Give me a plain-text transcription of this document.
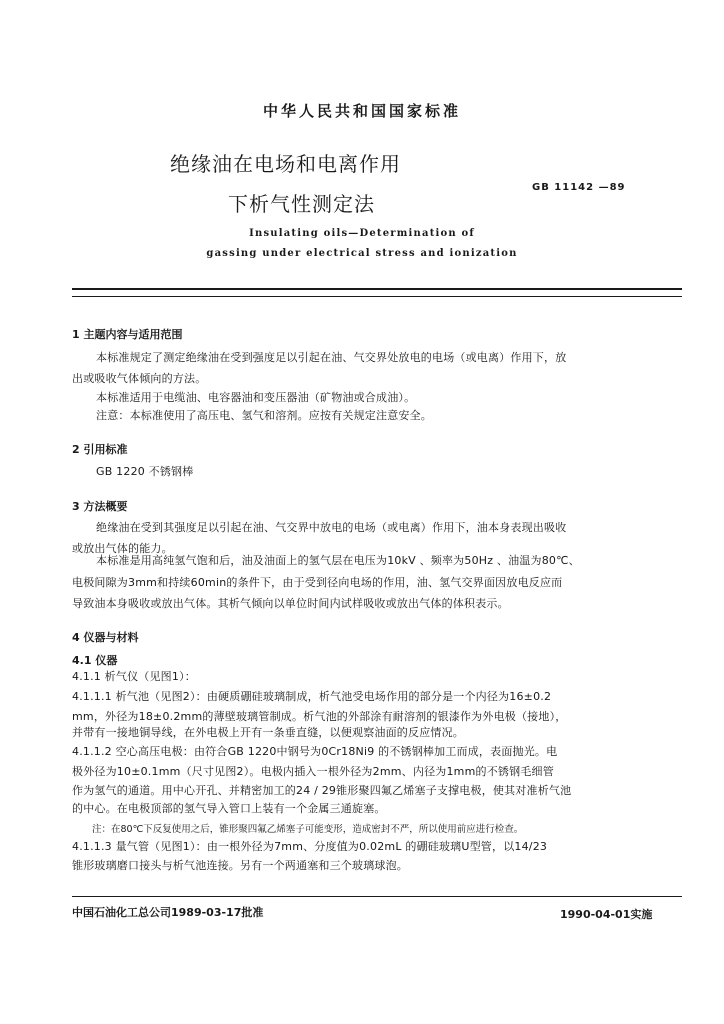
中华人民共和国国家标准
绝缘油在电场和电离作用
下析气性测定法
GB 11142 —89
Insulating oils—Determination of
gassing under electrical stress and ionization
1 主题内容与适用范围
本标准规定了测定绝缘油在受到强度足以引起在油、气交界处放电的电场（或电离）作用下，放
出或吸收气体倾向的方法。
本标准适用于电缆油、电容器油和变压器油（矿物油或合成油）。
注意：本标准使用了高压电、氢气和溶剂。应按有关规定注意安全。
2 引用标准
GB 1220 不锈钢棒
3 方法概要
绝缘油在受到其强度足以引起在油、气交界中放电的电场（或电离）作用下，油本身表现出吸收
或放出气体的能力。
本标准是用高纯氢气饱和后，油及油面上的氢气层在电压为10kV 、频率为50Hz 、油温为80℃、
电极间隙为3mm和持续60min的条件下，由于受到径向电场的作用，油、氢气交界面因放电反应而
导致油本身吸收或放出气体。其析气倾向以单位时间内试样吸收或放出气体的体积表示。
4 仪器与材料
4.1 仪器
4.1.1 析气仪（见图1）：
4.1.1.1 析气池（见图2）：由硬质硼硅玻璃制成，析气池受电场作用的部分是一个内径为16±0.2
mm，外径为18±0.2mm的薄壁玻璃管制成。析气池的外部涂有耐溶剂的银漆作为外电极（接地），
并带有一接地铜导线，在外电极上开有一条垂直缝，以便观察油面的反应情况。
4.1.1.2 空心高压电极：由符合GB 1220中钢号为0Cr18Ni9 的不锈钢棒加工而成，表面抛光。电
极外径为10±0.1mm（尺寸见图2）。电极内插入一根外径为2mm、内径为1mm的不锈钢毛细管
作为氢气的通道。用中心开孔、并精密加工的24 / 29锥形聚四氟乙烯塞子支撑电极，使其对准析气池
的中心。在电极顶部的氢气导入管口上装有一个金属三通旋塞。
注：在80℃下反复使用之后，锥形聚四氟乙烯塞子可能变形，造成密封不严，所以使用前应进行检查。
4.1.1.3 量气管（见图1）：由一根外径为7mm、分度值为0.02mL 的硼硅玻璃U型管，以14/23
锥形玻璃磨口接头与析气池连接。另有一个两通塞和三个玻璃球泡。
中国石油化工总公司1989-03-17批准	1990-04-01实施
